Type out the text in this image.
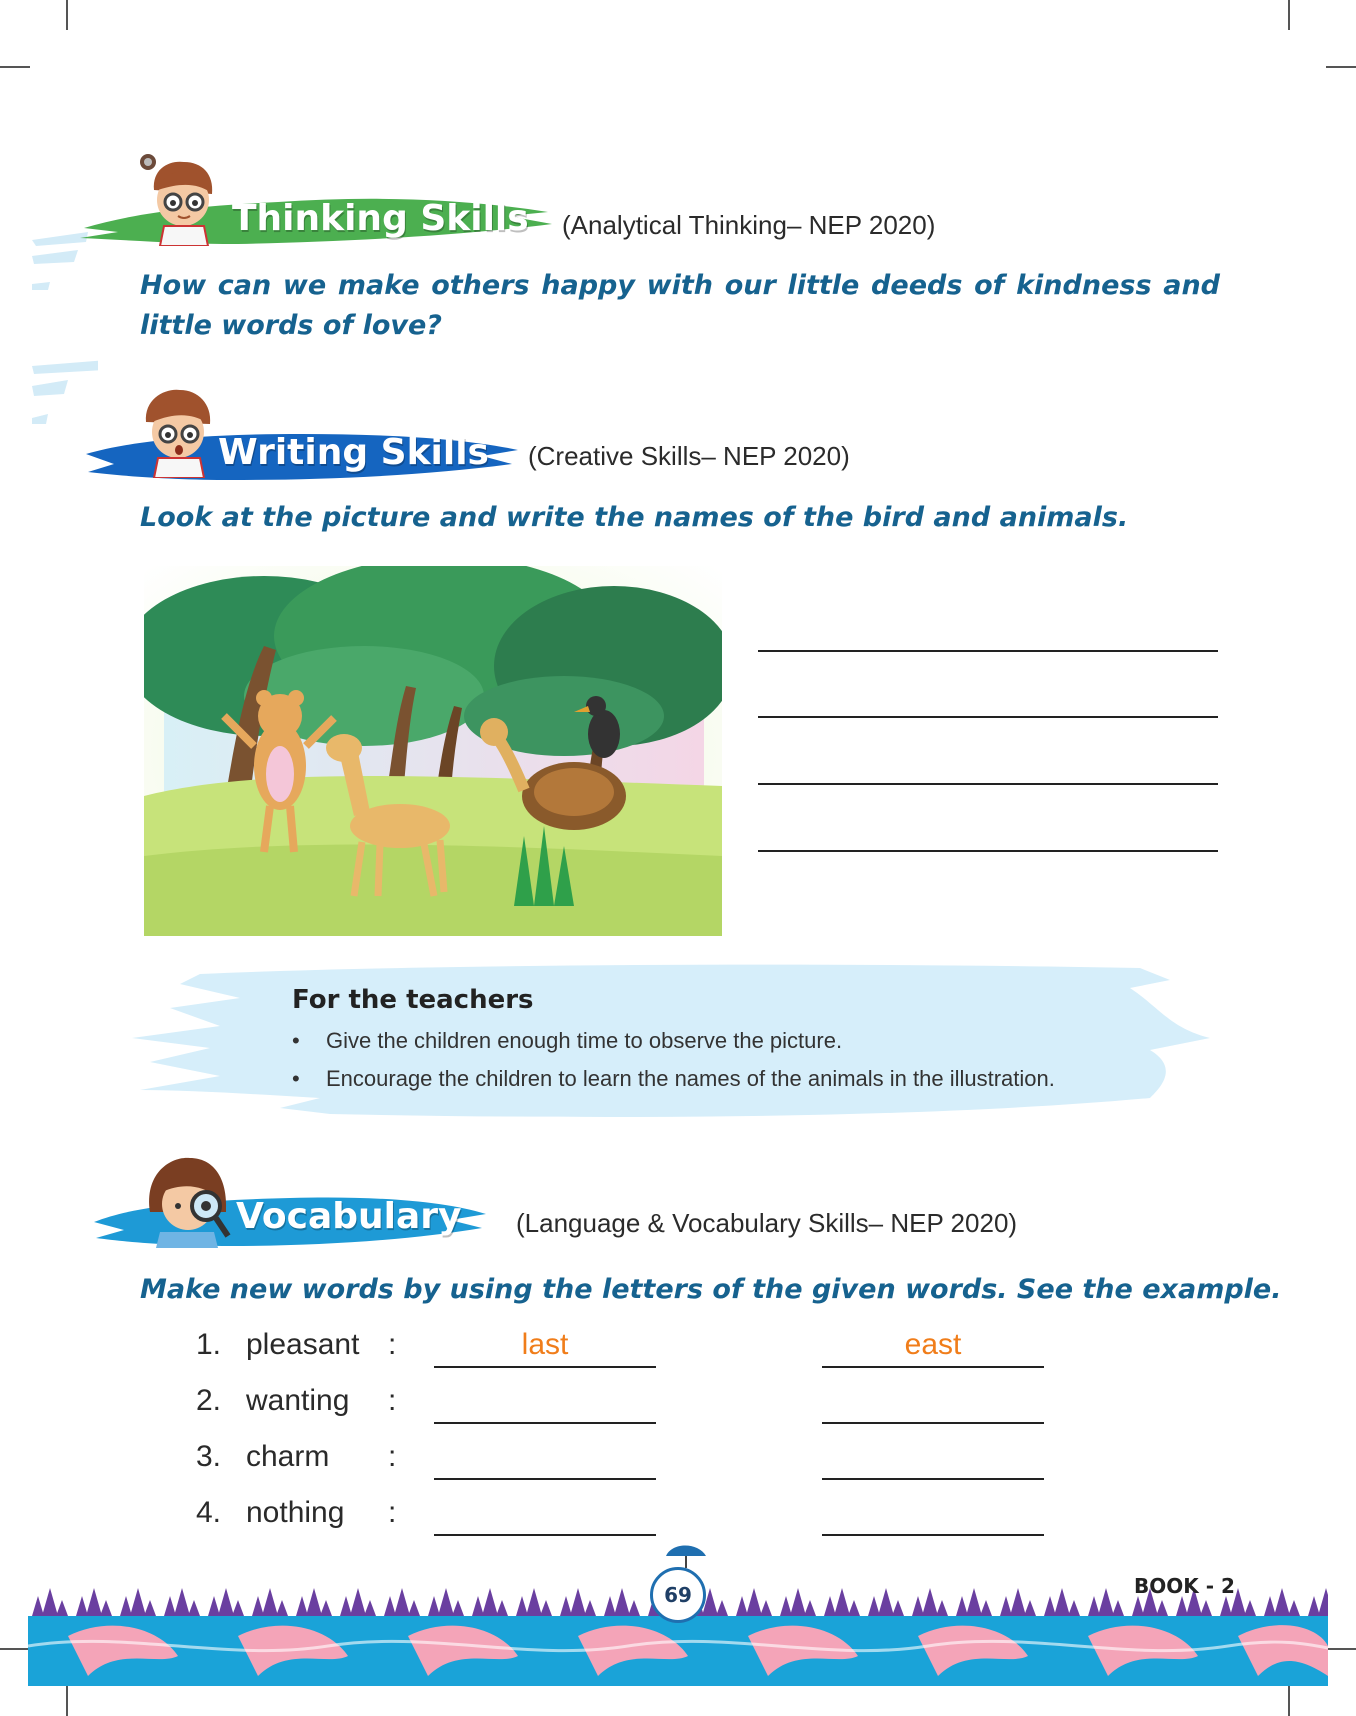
Thinking Skills (Analytical Thinking– NEP 2020)
How can we make others happy with our little deeds of kindness and little words of love?
Writing Skills (Creative Skills– NEP 2020)
Look at the picture and write the names of the bird and animals.
For the teachers
• Give the children enough time to observe the picture.
• Encourage the children to learn the names of the animals in the illustration.
Vocabulary (Language & Vocabulary Skills– NEP 2020)
Make new words by using the letters of the given words. See the example.
1. pleasant :	last	east
2. wanting :
3. charm :
4. nothing :
69	BOOK - 2
